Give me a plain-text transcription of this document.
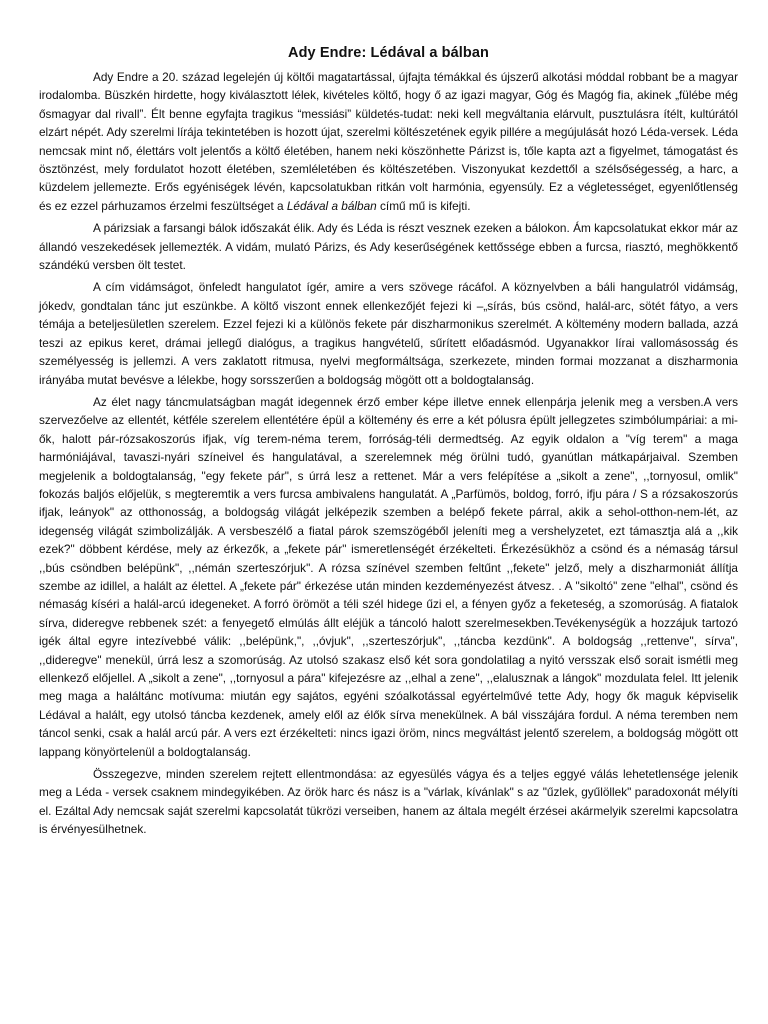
Ady Endre: Lédával a bálban

Ady Endre a 20. század legelején új költői magatartással, újfajta témákkal és újszerű alkotási móddal robbant be a magyar irodalomba. Büszkén hirdette, hogy kiválasztott lélek, kivételes költő, hogy ő az igazi magyar, Góg és Magóg fia, akinek „fülébe még ősmagyar dal rivall”. Élt benne egyfajta tragikus “messiási” küldetés-tudat: neki kell megváltania elárvult, pusztulásra ítélt, kultúrától elzárt népét. Ady szerelmi lírája tekintetében is hozott újat, szerelmi költészetének egyik pillére a megújulását hozó Léda-versek. Léda nemcsak mint nő, élettárs volt jelentős a költő életében, hanem neki köszönhette Párizst is, tőle kapta azt a figyelmet, támogatást és ösztönzést, mely fordulatot hozott életében, szemléletében és költészetében. Viszonyukat kezdettől a szélsőségesség, a harc, a küzdelem jellemezte. Erős egyéniségek lévén, kapcsolatukban ritkán volt harmónia, egyensúly. Ez a végletességet, egyenlőtlenség és ez ezzel párhuzamos érzelmi feszültséget a Lédával a bálban című mű is kifejti.

A párizsiak a farsangi bálok időszakát élik. Ady és Léda is részt vesznek ezeken a bálokon. Ám kapcsolatukat ekkor már az állandó veszekedések jellemezték. A vidám, mulató Párizs, és Ady keserűségének kettőssége ebben a furcsa, riasztó, meghökkentő szándékú versben ölt testet.

A cím vidámságot, önfeledt hangulatot ígér, amire a vers szövege rácáfol. A köznyelvben a báli hangulatról vidámság, jókedv, gondtalan tánc jut eszünkbe. A költő viszont ennek ellenkezőjét fejezi ki –„sírás, bús csönd, halál-arc, sötét fátyo, a vers témája a beteljesületlen szerelem. Ezzel fejezi ki a különös fekete pár diszharmonikus szerelmét. A költemény modern ballada, azzá teszi az epikus keret, drámai jellegű dialógus, a tragikus hangvételű, sűrített előadásmód. Ugyanakkor lírai vallomásosság és személyesség is jellemzi. A vers zaklatott ritmusa, nyelvi megformáltsága, szerkezete, minden formai mozzanat a diszharmonia irányába mutat bevésve a lélekbe, hogy sorsszerűen a boldogság mögött ott a boldogtalanság.

Az élet nagy táncmulatságban magát idegennek érző ember képe illetve ennek ellenpárja jelenik meg a versben.A vers szervezőelve az ellentét, kétféle szerelem ellentétére épül a költemény és erre a két pólusra épült jellegzetes szimbólumpáriai: a mi-ők, halott pár-rózsakoszorús ifjak, víg terem-néma terem, forróság-téli dermedtség. Az egyik oldalon a "víg terem" a maga harmóniájával, tavaszi-nyári színeivel és hangulatával, a szerelemnek még örülni tudó, gyanútlan mátkapárjaival. Szemben megjelenik a boldogtalanság, "egy fekete pár", s úrrá lesz a rettenet. Már a vers felépítése a „sikolt a zene", ,,tornyosul, omlik" fokozás baljós előjelük, s megteremtik a vers furcsa ambivalens hangulatát. A „Parfümös, boldog, forró, ifju pára / S a rózsakoszorús ifjak, leányok" az otthonosság, a boldogság világát jelképezik szemben a belépő fekete párral, akik a sehol-otthon-nem-lét, az idegenség világát szimbolizálják. A versbeszélő a fiatal párok szemszögéből jeleníti meg a vershelyzetet, ezt támasztja alá a ,,kik ezek?" döbbent kérdése, mely az érkezők, a „fekete pár" ismeretlenségét érzékelteti. Érkezésükhöz a csönd és a némaság társul ,,bús csöndben belépünk", ,,némán szerteszórjuk". A rózsa színével szemben feltűnt ,,fekete" jelző, mely a diszharmoniát állítja szembe az idillel, a halált az élettel. A „fekete pár" érkezése után minden kezdeményezést átvesz. . A "sikoltó" zene "elhal", csönd és némaság kíséri a halál-arcú idegeneket. A forró örömöt a téli szél hidege űzi el, a fényen győz a feketeség, a szomorúság. A fiatalok sírva, dideregve rebbenek szét: a fenyegető elmúlás állt eléjük a táncoló halott szerelmesekben.Tevékenységük a hozzájuk tartozó igék által egyre intezívebbé válik: ,,belépünk,", ,,óvjuk", ,,szerteszórjuk", ,,táncba kezdünk". A boldogság ,,rettenve", sírva", ,,dideregve" menekül, úrrá lesz a szomorúság. Az utolsó szakasz első két sora gondolatilag a nyitó versszak első sorait ismétli meg ellenkező előjellel. A „sikolt a zene", ,,tornyosul a pára" kifejezésre az ,,elhal a zene", ,,elalusznak a lángok" mozdulata felel. Itt jelenik meg maga a haláltánc motívuma: miután egy sajátos, egyéni szóalkotással egyértelművé tette Ady, hogy ők maguk képviselik Lédával a halált, egy utolsó táncba kezdenek, amely elől az élők sírva menekülnek. A bál visszájára fordul. A néma teremben nem táncol senki, csak a halál arcú pár. A vers ezt érzékelteti: nincs igazi öröm, nincs megváltást jelentő szerelem, a boldogság mögött ott lappang könyörtelenül a boldogtalanság.

Összegezve, minden szerelem rejtett ellentmondása: az egyesülés vágya és a teljes eggyé válás lehetetlensége jelenik meg a Léda - versek csaknem mindegyikében. Az örök harc és nász is a "várlak, kívánlak" s az "űzlek, gyűlöllek" paradoxonát mélyíti el. Ezáltal Ady nemcsak saját szerelmi kapcsolatát tükrözi verseiben, hanem az általa megélt érzései akármelyik szerelmi kapcsolatra is érvényesülhetnek.
